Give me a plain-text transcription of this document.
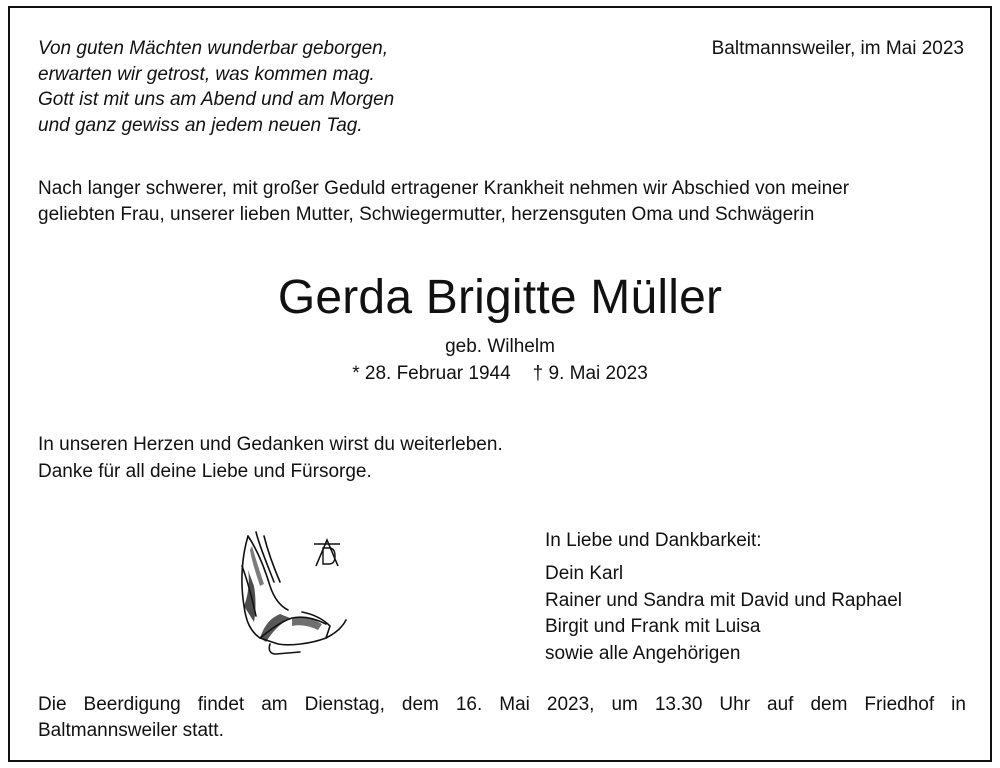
Von guten Mächten wunderbar geborgen,
erwarten wir getrost, was kommen mag.
Gott ist mit uns am Abend und am Morgen
und ganz gewiss an jedem neuen Tag.
Baltmannsweiler, im Mai 2023
Nach langer schwerer, mit großer Geduld ertragener Krankheit nehmen wir Abschied von meiner
geliebten Frau, unserer lieben Mutter, Schwiegermutter, herzensguten Oma und Schwägerin
Gerda Brigitte Müller
geb. Wilhelm
* 28. Februar 1944 † 9. Mai 2023
In unseren Herzen und Gedanken wirst du weiterleben.
Danke für all deine Liebe und Fürsorge.
In Liebe und Dankbarkeit:
Dein Karl
Rainer und Sandra mit David und Raphael
Birgit und Frank mit Luisa
sowie alle Angehörigen
Die Beerdigung findet am Dienstag, dem 16. Mai 2023, um 13.30 Uhr auf dem Friedhof in
Baltmannsweiler statt.
